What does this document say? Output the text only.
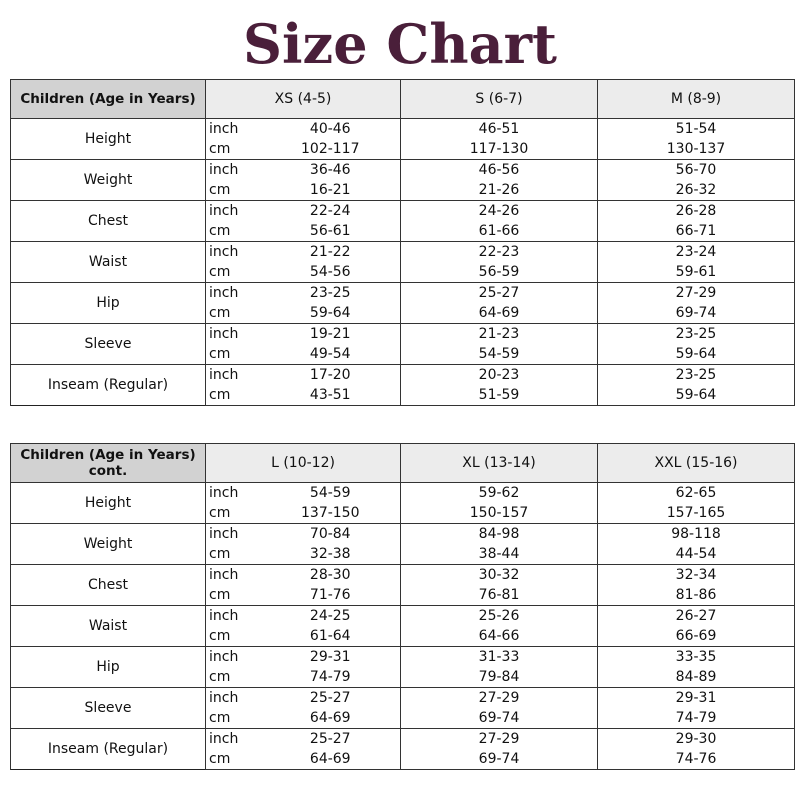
Size Chart
Children (Age in Years)	XS (4-5)		S (6-7)	M (8-9)
Height	inch	40-46	46-51	51-54
	cm	102-117	117-130	130-137
Weight	inch	36-46	46-56	56-70
	cm	16-21	21-26	26-32
Chest	inch	22-24	24-26	26-28
	cm	56-61	61-66	66-71
Waist	inch	21-22	22-23	23-24
	cm	54-56	56-59	59-61
Hip	inch	23-25	25-27	27-29
	cm	59-64	64-69	69-74
Sleeve	inch	19-21	21-23	23-25
	cm	49-54	54-59	59-64
Inseam (Regular)	inch	17-20	20-23	23-25
	cm	43-51	51-59	59-64
Children (Age in Years) cont.	L (10-12)		XL (13-14)	XXL (15-16)
Height	inch	54-59	59-62	62-65
	cm	137-150	150-157	157-165
Weight	inch	70-84	84-98	98-118
	cm	32-38	38-44	44-54
Chest	inch	28-30	30-32	32-34
	cm	71-76	76-81	81-86
Waist	inch	24-25	25-26	26-27
	cm	61-64	64-66	66-69
Hip	inch	29-31	31-33	33-35
	cm	74-79	79-84	84-89
Sleeve	inch	25-27	27-29	29-31
	cm	64-69	69-74	74-79
Inseam (Regular)	inch	25-27	27-29	29-30
	cm	64-69	69-74	74-76
